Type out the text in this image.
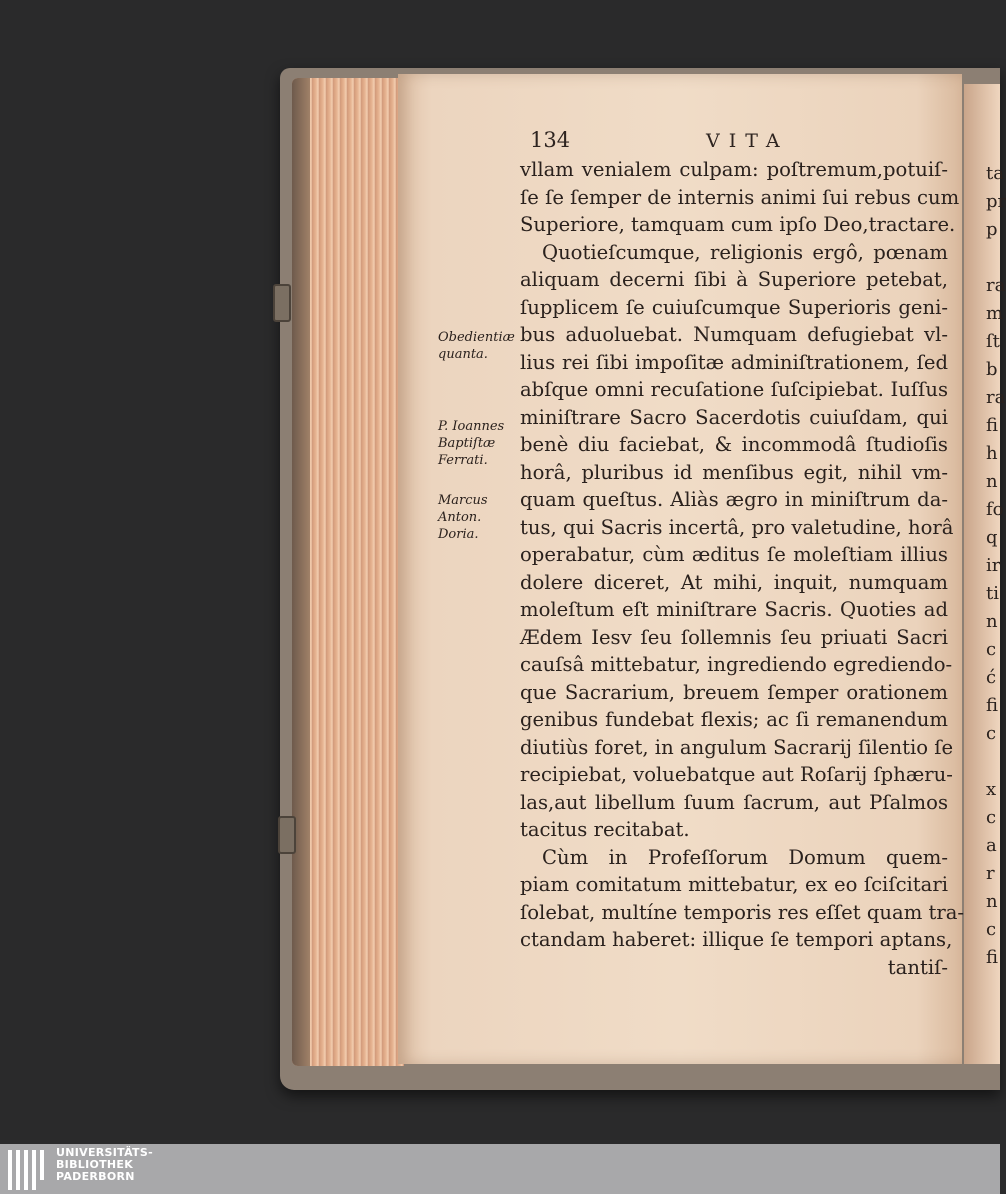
134	VITA
vllam venialem culpam: poſtremum,potuiſ-
ſe ſe ſemper de internis animi ſui rebus cum
Superiore, tamquam cum ipſo Deo,tractare.
Quotieſcumque, religionis ergô, pœnam
aliquam decerni ſibi à Superiore petebat,
ſupplicem ſe cuiuſcumque Superioris geni-
bus aduoluebat. Numquam defugiebat vl-
lius rei ſibi impoſitæ adminiſtrationem, ſed
abſque omni recuſatione ſuſcipiebat. Iuſſus
miniſtrare Sacro Sacerdotis cuiuſdam, qui
benè diu faciebat, & incommodâ ſtudioſis
horâ, pluribus id menſibus egit, nihil vm-
quam queſtus. Aliàs ægro in miniſtrum da-
tus, qui Sacris incertâ, pro valetudine, horâ
operabatur, cùm æditus ſe moleſtiam illius
dolere diceret, At mihi, inquit, numquam
moleſtum eſt miniſtrare Sacris. Quoties ad
Ædem Iesv ſeu ſollemnis ſeu priuati Sacri
cauſsâ mittebatur, ingrediendo egrediendo-
que Sacrarium, breuem ſemper orationem
genibus fundebat flexis; ac ſi remanendum
diutiùs foret, in angulum Sacrarij ſilentio ſe
recipiebat, voluebatque aut Roſarij ſphæru-
las,aut libellum ſuum ſacrum, aut Pſalmos
tacitus recitabat.
Cùm in Profeſſorum Domum quem-
piam comitatum mittebatur, ex eo ſciſcitari
ſolebat, multíne temporis res eſſet quam tra-
ctandam haberet: illique ſe tempori aptans,
tantiſ-
Obedientiæ
quanta.
P. Ioannes
Baptiſtæ
Ferrati.
Marcus
Anton.
Doria.
ta
pr
p
ra
m
ſt
b
ra
fi
h
n
fo
q
ir
ti
n
c
ć
fi
c
x
c
a
r
n
c
fi
UNIVERSITÄTS-
BIBLIOTHEK
PADERBORN
